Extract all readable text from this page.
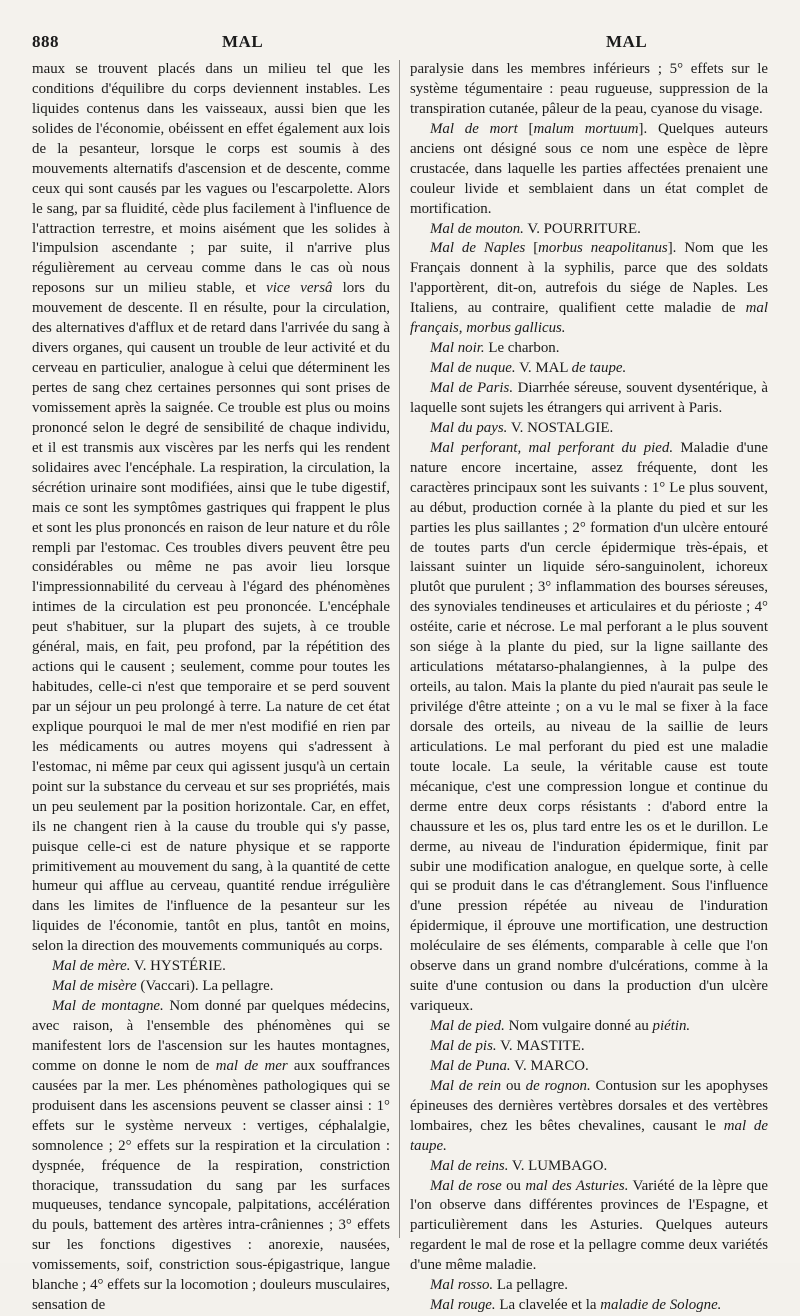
888	MAL	MAL

maux se trouvent placés dans un milieu tel que les conditions d'équilibre du corps deviennent instables. Les liquides contenus dans les vaisseaux, aussi bien que les solides de l'économie, obéissent en effet également aux lois de la pesanteur, lorsque le corps est soumis à des mouvements alternatifs d'ascension et de descente, comme ceux qui sont causés par les vagues ou l'escarpolette. Alors le sang, par sa fluidité, cède plus facilement à l'influence de l'attraction terrestre, et moins aisément que les solides à l'impulsion ascendante ; par suite, il n'arrive plus régulièrement au cerveau comme dans le cas où nous reposons sur un milieu stable, et vice versâ lors du mouvement de descente. Il en résulte, pour la circulation, des alternatives d'afflux et de retard dans l'arrivée du sang à divers organes, qui causent un trouble de leur activité et du cerveau en particulier, analogue à celui que déterminent les pertes de sang chez certaines personnes qui sont prises de vomissement après la saignée. Ce trouble est plus ou moins prononcé selon le degré de sensibilité de chaque individu, et il est transmis aux viscères par les nerfs qui les rendent solidaires avec l'encéphale. La respiration, la circulation, la sécrétion urinaire sont modifiées, ainsi que le tube digestif, mais ce sont les symptômes gastriques qui frappent le plus et sont les plus prononcés en raison de leur nature et du rôle rempli par l'estomac. Ces troubles divers peuvent être peu considérables ou même ne pas avoir lieu lorsque l'impressionnabilité du cerveau à l'égard des phénomènes intimes de la circulation est peu prononcée. L'encéphale peut s'habituer, sur la plupart des sujets, à ce trouble général, mais, en fait, peu profond, par la répétition des actions qui le causent ; seulement, comme pour toutes les habitudes, celle-ci n'est que temporaire et se perd souvent par un séjour un peu prolongé à terre. La nature de cet état explique pourquoi le mal de mer n'est modifié en rien par les médicaments ou autres moyens qui s'adressent à l'estomac, ni même par ceux qui agissent jusqu'à un certain point sur la substance du cerveau et sur ses propriétés, mais un peu seulement par la position horizontale. Car, en effet, ils ne changent rien à la cause du trouble qui s'y passe, puisque celle-ci est de nature physique et se rapporte primitivement au mouvement du sang, à la quantité de cette humeur qui afflue au cerveau, quantité rendue irrégulière dans les limites de l'influence de la pesanteur sur les liquides de l'économie, tantôt en plus, tantôt en moins, selon la direction des mouvements communiqués au corps.

Mal de mère. V. HYSTÉRIE.

Mal de misère (Vaccari). La pellagre.

Mal de montagne. Nom donné par quelques médecins, avec raison, à l'ensemble des phénomènes qui se manifestent lors de l'ascension sur les hautes montagnes, comme on donne le nom de mal de mer aux souffrances causées par la mer. Les phénomènes pathologiques qui se produisent dans les ascensions peuvent se classer ainsi : 1° effets sur le système nerveux : vertiges, céphalalgie, somnolence ; 2° effets sur la respiration et la circulation : dyspnée, fréquence de la respiration, constriction thoracique, transsudation du sang par les surfaces muqueuses, tendance syncopale, palpitations, accélération du pouls, battement des artères intra-crâniennes ; 3° effets sur les fonctions digestives : anorexie, nausées, vomissements, soif, constriction sous-épigastrique, langue blanche ; 4° effets sur la locomotion ; douleurs musculaires, sensation de

paralysie dans les membres inférieurs ; 5° effets sur le système tégumentaire : peau rugueuse, suppression de la transpiration cutanée, pâleur de la peau, cyanose du visage.

Mal de mort [malum mortuum]. Quelques auteurs anciens ont désigné sous ce nom une espèce de lèpre crustacée, dans laquelle les parties affectées prenaient une couleur livide et semblaient dans un état complet de mortification.

Mal de mouton. V. POURRITURE.

Mal de Naples [morbus neapolitanus]. Nom que les Français donnent à la syphilis, parce que des soldats l'apportèrent, dit-on, autrefois du siége de Naples. Les Italiens, au contraire, qualifient cette maladie de mal français, morbus gallicus.

Mal noir. Le charbon.

Mal de nuque. V. MAL de taupe.

Mal de Paris. Diarrhée séreuse, souvent dysentérique, à laquelle sont sujets les étrangers qui arrivent à Paris.

Mal du pays. V. NOSTALGIE.

Mal perforant, mal perforant du pied. Maladie d'une nature encore incertaine, assez fréquente, dont les caractères principaux sont les suivants : 1° Le plus souvent, au début, production cornée à la plante du pied et sur les parties les plus saillantes ; 2° formation d'un ulcère entouré de toutes parts d'un cercle épidermique très-épais, et laissant suinter un liquide séro-sanguinolent, ichoreux plutôt que purulent ; 3° inflammation des bourses séreuses, des synoviales tendineuses et articulaires et du périoste ; 4° ostéite, carie et nécrose. Le mal perforant a le plus souvent son siége à la plante du pied, sur la ligne saillante des articulations métatarso-phalangiennes, à la pulpe des orteils, au talon. Mais la plante du pied n'aurait pas seule le privilége d'être atteinte ; on a vu le mal se fixer à la face dorsale des orteils, au niveau de la saillie de leurs articulations. Le mal perforant du pied est une maladie toute locale. La seule, la véritable cause est toute mécanique, c'est une compression longue et continue du derme entre deux corps résistants : d'abord entre la chaussure et les os, plus tard entre les os et le durillon. Le derme, au niveau de l'induration épidermique, finit par subir une modification analogue, en quelque sorte, à celle qui se produit dans le cas d'étranglement. Sous l'influence d'une pression répétée au niveau de l'induration épidermique, il éprouve une mortification, une destruction moléculaire de ses éléments, comparable à celle que l'on observe dans un grand nombre d'ulcérations, comme à la suite d'une contusion ou dans la production d'un ulcère variqueux.

Mal de pied. Nom vulgaire donné au piétin.

Mal de pis. V. MASTITE.

Mal de Puna. V. MARCO.

Mal de rein ou de rognon. Contusion sur les apophyses épineuses des dernières vertèbres dorsales et des vertèbres lombaires, chez les bêtes chevalines, causant le mal de taupe.

Mal de reins. V. LUMBAGO.

Mal de rose ou mal des Asturies. Variété de la lèpre que l'on observe dans différentes provinces de l'Espagne, et particulièrement dans les Asturies. Quelques auteurs regardent le mal de rose et la pellagre comme deux variétés d'une même maladie.

Mal rosso. La pellagre.

Mal rouge. La clavelée et la maladie de Sologne.
